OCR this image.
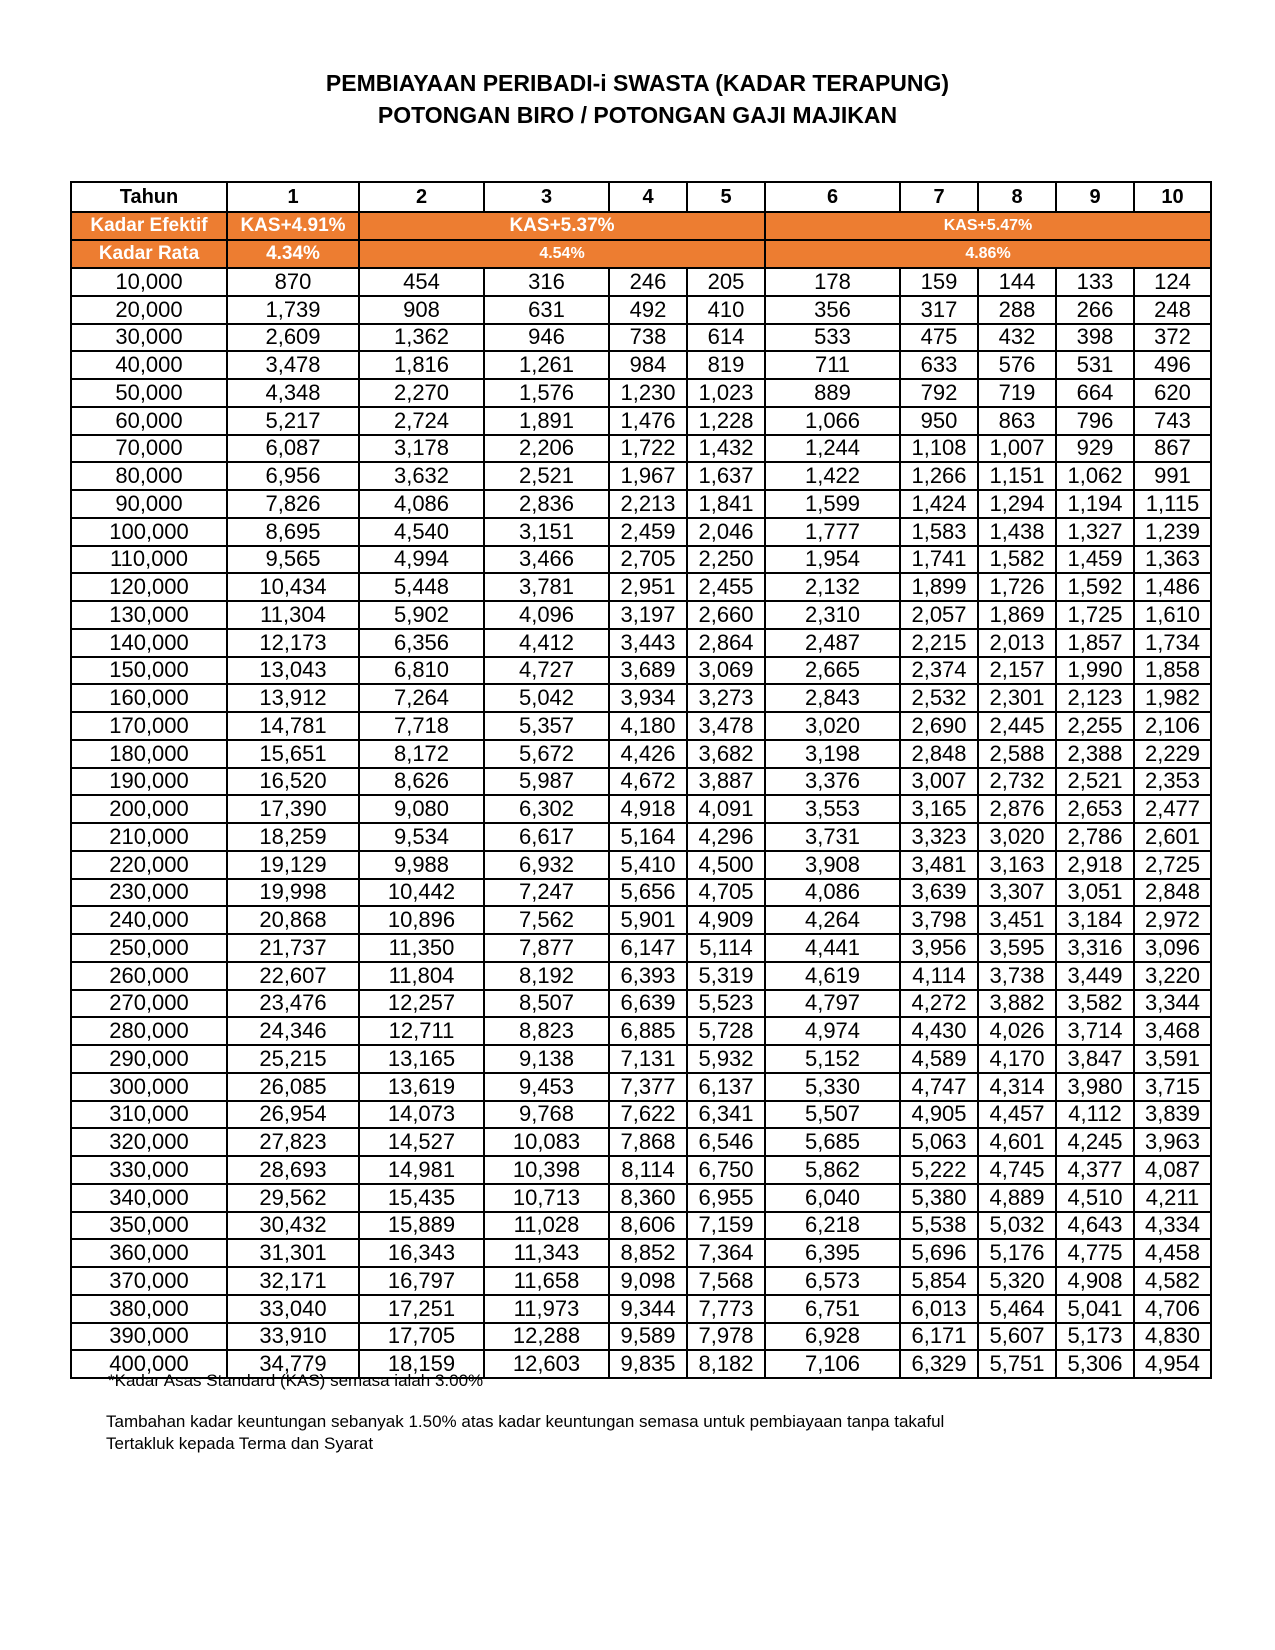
PEMBIAYAAN PERIBADI-i SWASTA (KADAR TERAPUNG)
POTONGAN BIRO / POTONGAN GAJI MAJIKAN
Tahun	1	2	3	4	5	6	7	8	9	10
Kadar Efektif	KAS+4.91%	KAS+5.37%				KAS+5.47%				
Kadar Rata	4.34%	4.54%				4.86%				
10,000	870	454	316	246	205	178	159	144	133	124
20,000	1,739	908	631	492	410	356	317	288	266	248
30,000	2,609	1,362	946	738	614	533	475	432	398	372
40,000	3,478	1,816	1,261	984	819	711	633	576	531	496
50,000	4,348	2,270	1,576	1,230	1,023	889	792	719	664	620
60,000	5,217	2,724	1,891	1,476	1,228	1,066	950	863	796	743
70,000	6,087	3,178	2,206	1,722	1,432	1,244	1,108	1,007	929	867
80,000	6,956	3,632	2,521	1,967	1,637	1,422	1,266	1,151	1,062	991
90,000	7,826	4,086	2,836	2,213	1,841	1,599	1,424	1,294	1,194	1,115
100,000	8,695	4,540	3,151	2,459	2,046	1,777	1,583	1,438	1,327	1,239
110,000	9,565	4,994	3,466	2,705	2,250	1,954	1,741	1,582	1,459	1,363
120,000	10,434	5,448	3,781	2,951	2,455	2,132	1,899	1,726	1,592	1,486
130,000	11,304	5,902	4,096	3,197	2,660	2,310	2,057	1,869	1,725	1,610
140,000	12,173	6,356	4,412	3,443	2,864	2,487	2,215	2,013	1,857	1,734
150,000	13,043	6,810	4,727	3,689	3,069	2,665	2,374	2,157	1,990	1,858
160,000	13,912	7,264	5,042	3,934	3,273	2,843	2,532	2,301	2,123	1,982
170,000	14,781	7,718	5,357	4,180	3,478	3,020	2,690	2,445	2,255	2,106
180,000	15,651	8,172	5,672	4,426	3,682	3,198	2,848	2,588	2,388	2,229
190,000	16,520	8,626	5,987	4,672	3,887	3,376	3,007	2,732	2,521	2,353
200,000	17,390	9,080	6,302	4,918	4,091	3,553	3,165	2,876	2,653	2,477
210,000	18,259	9,534	6,617	5,164	4,296	3,731	3,323	3,020	2,786	2,601
220,000	19,129	9,988	6,932	5,410	4,500	3,908	3,481	3,163	2,918	2,725
230,000	19,998	10,442	7,247	5,656	4,705	4,086	3,639	3,307	3,051	2,848
240,000	20,868	10,896	7,562	5,901	4,909	4,264	3,798	3,451	3,184	2,972
250,000	21,737	11,350	7,877	6,147	5,114	4,441	3,956	3,595	3,316	3,096
260,000	22,607	11,804	8,192	6,393	5,319	4,619	4,114	3,738	3,449	3,220
270,000	23,476	12,257	8,507	6,639	5,523	4,797	4,272	3,882	3,582	3,344
280,000	24,346	12,711	8,823	6,885	5,728	4,974	4,430	4,026	3,714	3,468
290,000	25,215	13,165	9,138	7,131	5,932	5,152	4,589	4,170	3,847	3,591
300,000	26,085	13,619	9,453	7,377	6,137	5,330	4,747	4,314	3,980	3,715
310,000	26,954	14,073	9,768	7,622	6,341	5,507	4,905	4,457	4,112	3,839
320,000	27,823	14,527	10,083	7,868	6,546	5,685	5,063	4,601	4,245	3,963
330,000	28,693	14,981	10,398	8,114	6,750	5,862	5,222	4,745	4,377	4,087
340,000	29,562	15,435	10,713	8,360	6,955	6,040	5,380	4,889	4,510	4,211
350,000	30,432	15,889	11,028	8,606	7,159	6,218	5,538	5,032	4,643	4,334
360,000	31,301	16,343	11,343	8,852	7,364	6,395	5,696	5,176	4,775	4,458
370,000	32,171	16,797	11,658	9,098	7,568	6,573	5,854	5,320	4,908	4,582
380,000	33,040	17,251	11,973	9,344	7,773	6,751	6,013	5,464	5,041	4,706
390,000	33,910	17,705	12,288	9,589	7,978	6,928	6,171	5,607	5,173	4,830
400,000	34,779	18,159	12,603	9,835	8,182	7,106	6,329	5,751	5,306	4,954
*Kadar Asas Standard (KAS) semasa ialah 3.00%
Tambahan kadar keuntungan sebanyak 1.50% atas kadar keuntungan semasa untuk pembiayaan tanpa takaful
Tertakluk kepada Terma dan Syarat
